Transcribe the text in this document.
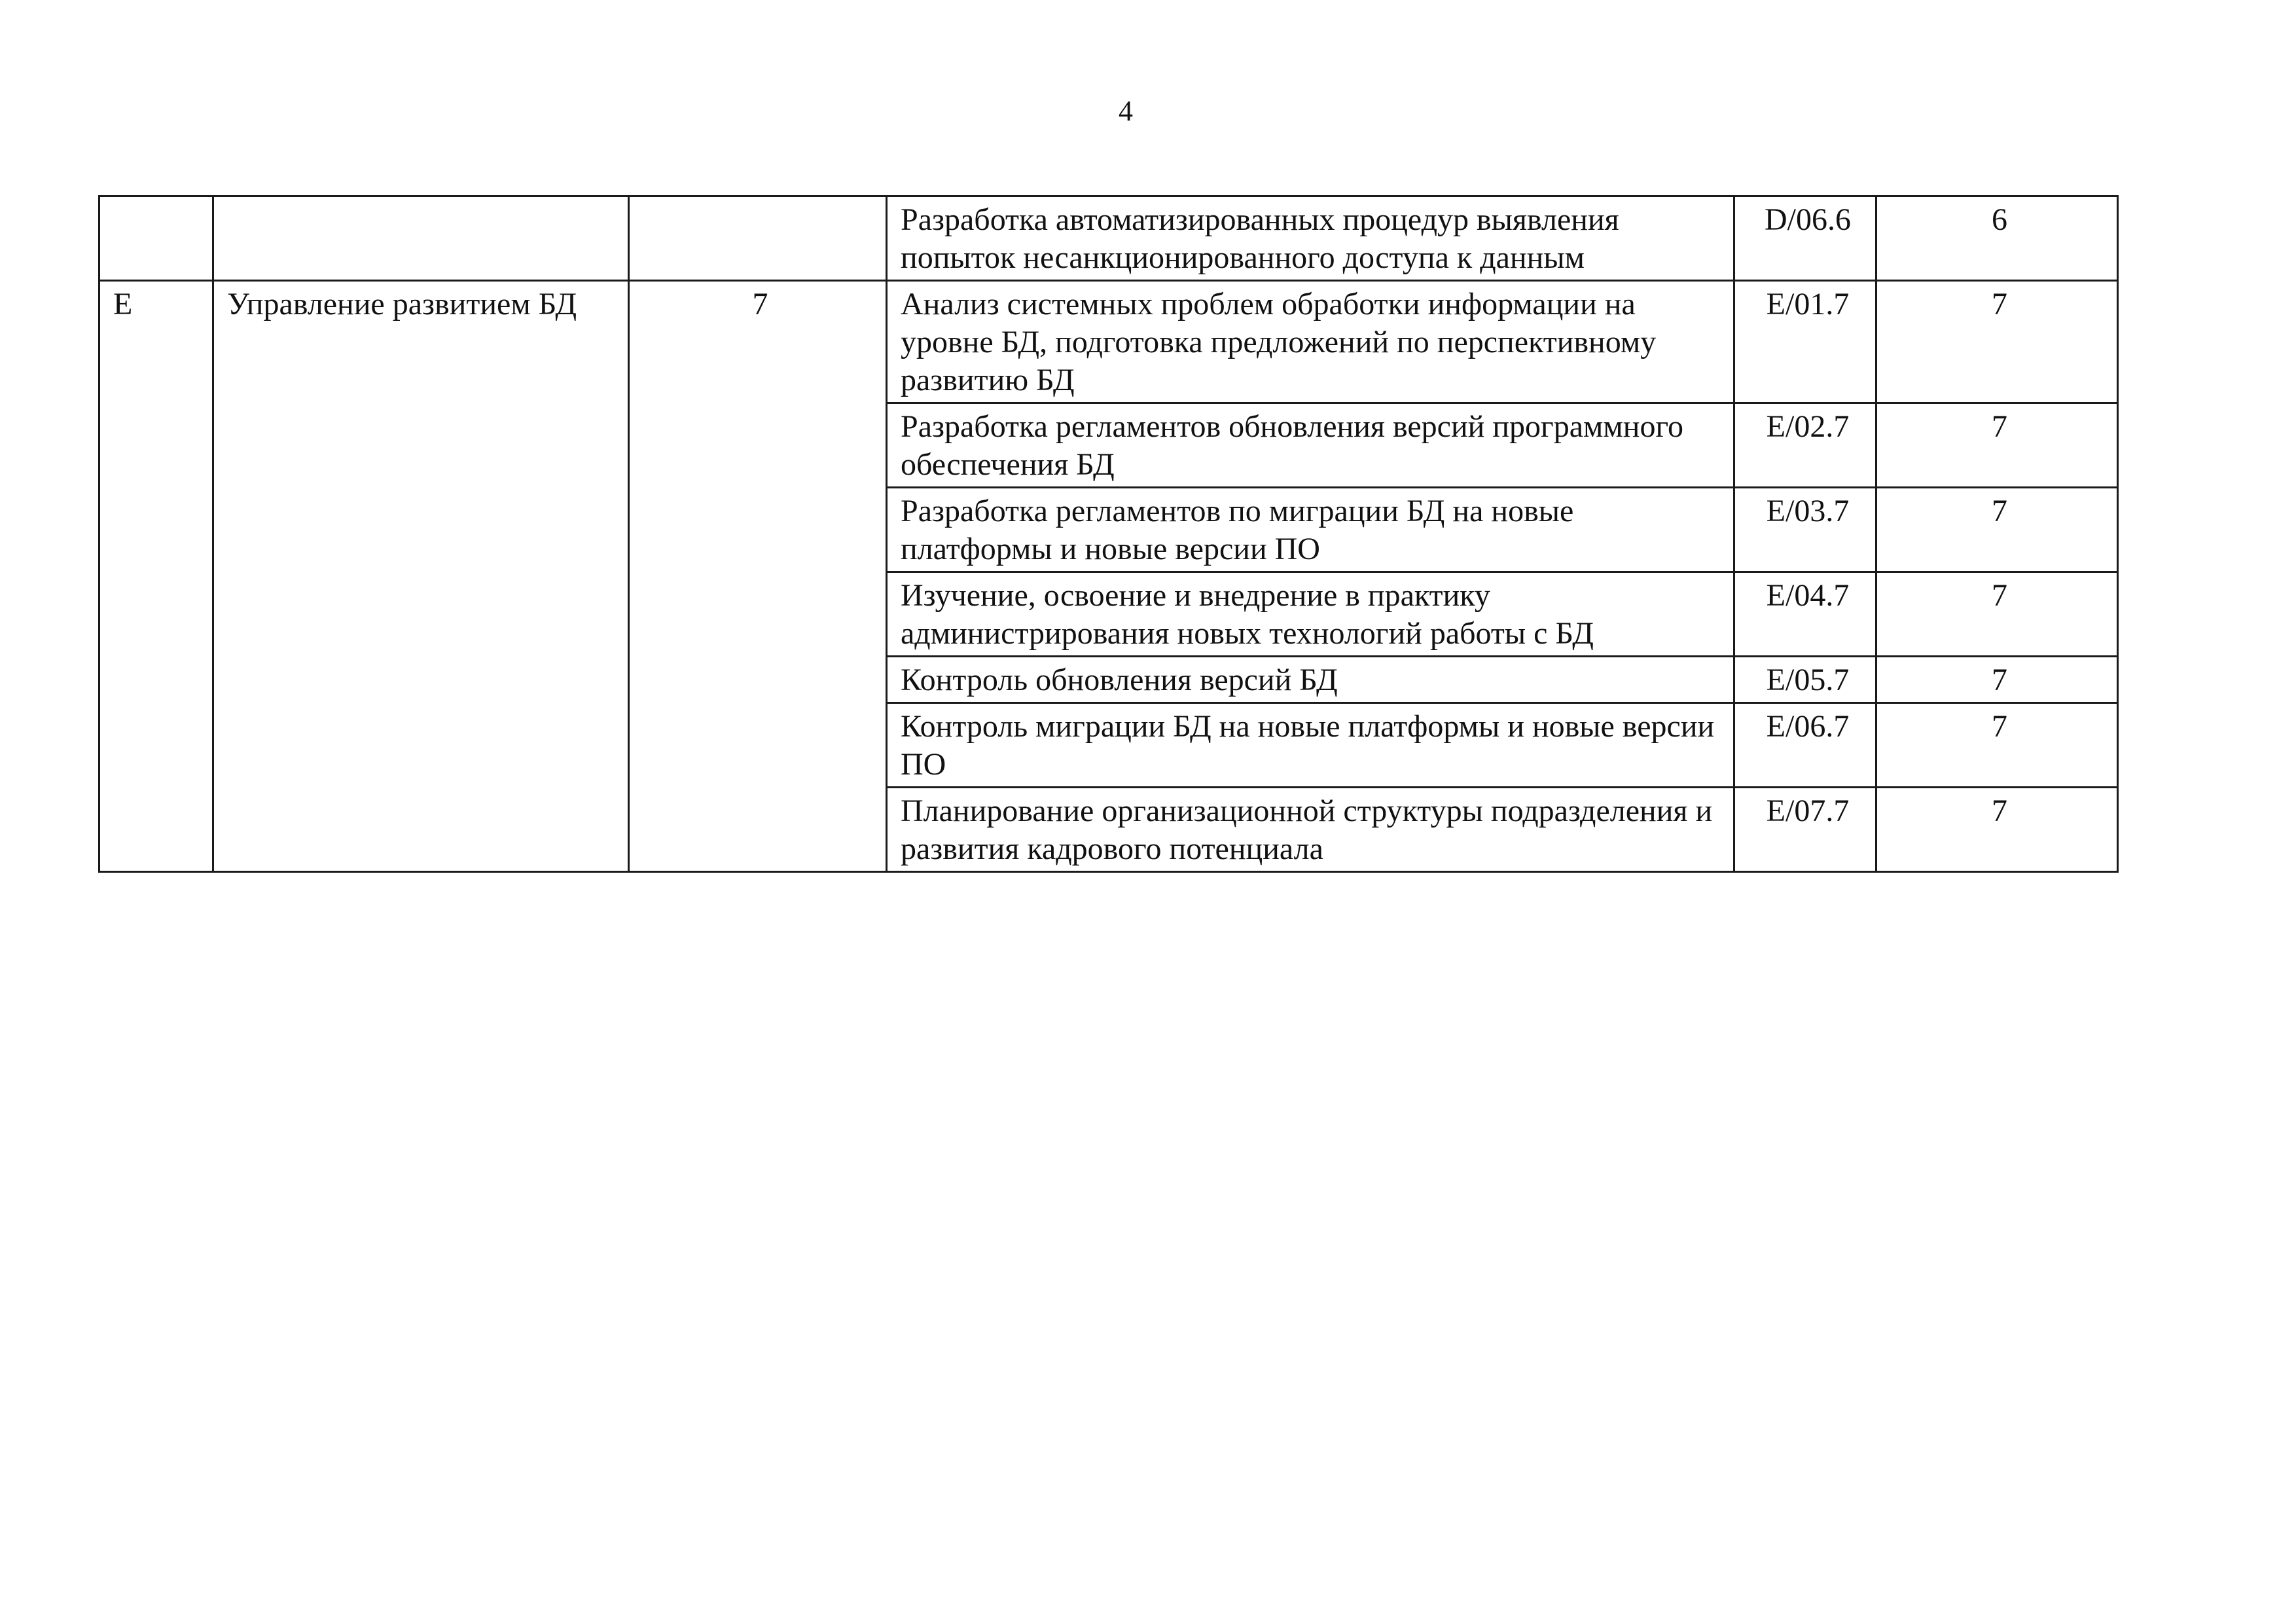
4
			Разработка автоматизированных процедур выявления попыток несанкционированного доступа к данным	D/06.6	6
E	Управление развитием БД	7	Анализ системных проблем обработки информации на уровне БД, подготовка предложений по перспективному развитию БД	E/01.7	7
			Разработка регламентов обновления версий программного обеспечения БД	E/02.7	7
			Разработка регламентов по миграции БД на новые платформы и новые версии ПО	E/03.7	7
			Изучение, освоение и внедрение в практику администрирования новых технологий работы с БД	E/04.7	7
			Контроль обновления версий БД	E/05.7	7
			Контроль миграции БД на новые платформы и новые версии ПО	E/06.7	7
			Планирование организационной структуры подразделения и развития кадрового потенциала	E/07.7	7
